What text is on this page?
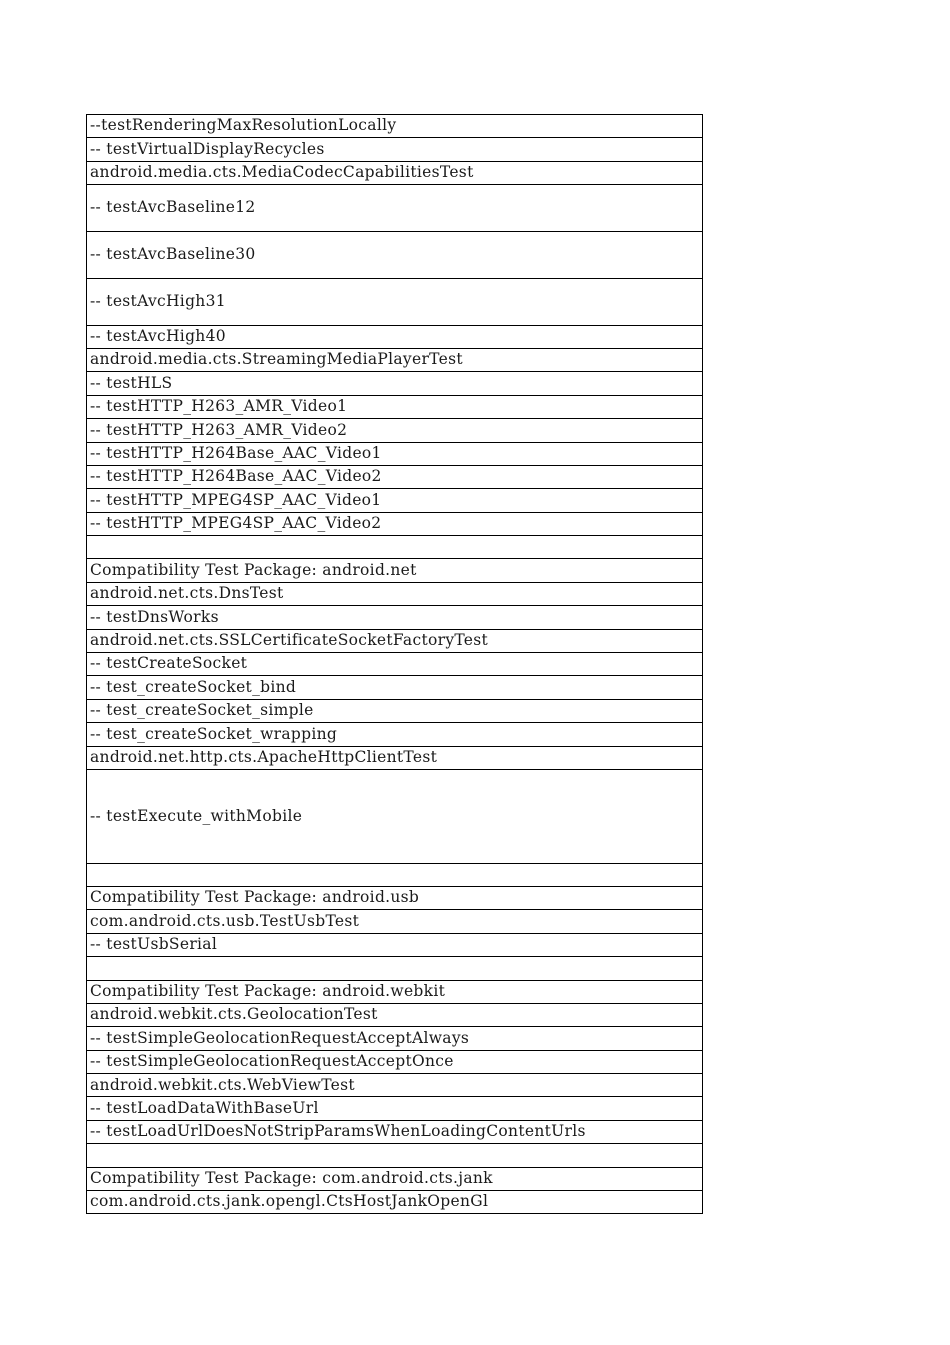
--testRenderingMaxResolutionLocally
-- testVirtualDisplayRecycles
android.media.cts.MediaCodecCapabilitiesTest
-- testAvcBaseline12
-- testAvcBaseline30
-- testAvcHigh31
-- testAvcHigh40
android.media.cts.StreamingMediaPlayerTest
-- testHLS
-- testHTTP_H263_AMR_Video1
-- testHTTP_H263_AMR_Video2
-- testHTTP_H264Base_AAC_Video1
-- testHTTP_H264Base_AAC_Video2
-- testHTTP_MPEG4SP_AAC_Video1
-- testHTTP_MPEG4SP_AAC_Video2

Compatibility Test Package: android.net
android.net.cts.DnsTest
-- testDnsWorks
android.net.cts.SSLCertificateSocketFactoryTest
-- testCreateSocket
-- test_createSocket_bind
-- test_createSocket_simple
-- test_createSocket_wrapping
android.net.http.cts.ApacheHttpClientTest
-- testExecute_withMobile

Compatibility Test Package: android.usb
com.android.cts.usb.TestUsbTest
-- testUsbSerial

Compatibility Test Package: android.webkit
android.webkit.cts.GeolocationTest
-- testSimpleGeolocationRequestAcceptAlways
-- testSimpleGeolocationRequestAcceptOnce
android.webkit.cts.WebViewTest
-- testLoadDataWithBaseUrl
-- testLoadUrlDoesNotStripParamsWhenLoadingContentUrls

Compatibility Test Package: com.android.cts.jank
com.android.cts.jank.opengl.CtsHostJankOpenGl
